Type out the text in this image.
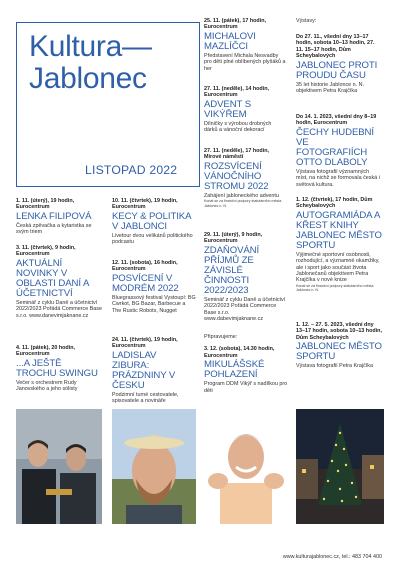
Kultura—
Jablonec
LISTOPAD 2022
1. 11. (úterý), 19 hodin, Eurocentrum
LENKA FILIPOVÁ
Česká zpěvačka a kytaristka se svým triem
3. 11. (čtvrtek), 9 hodin, Eurocentrum
AKTUÁLNÍ NOVINKY V OBLASTI DANÍ A ÚČETNICTVÍ
Seminář z cyklu Daně a účetnictví 2022/2023 Pořádá Commerce Base s.r.o. www.danevimjaknane.cz
4. 11. (pátek), 20 hodin, Eurocentrum
...A JEŠTĚ TROCHU SWINGU
Večer s orchestrem Rudy Janovského a jeho sólisty
10. 11. (čtvrtek), 19 hodin, Eurocentrum
KECY & POLITIKA V JABLONCI
Livetour dvou velikánů politického podcastu
12. 11. (sobota), 16 hodin, Eurocentrum
POSVÍCENÍ V MODRÉM 2022
Bluegrassový festival Vystoupí: BG Cwrkot, BG Bazar, Barbecue a The Rustic Robots, Nugget
24. 11. (čtvrtek), 19 hodin, Eurocentrum
LADISLAV ZIBURA: PRÁZDNINY V ČESKU
Podzimní turné cestovatele, spisovatele a novináře
25. 11. (pátek), 17 hodin, Eurocentrum
MICHALOVI MAZLÍČCI
Představení Michala Nesvadby pro děti plné oblíbených plyšáků a her
27. 11. (neděle), 14 hodin, Eurocentrum
ADVENT S VIKÝŘEM
Dílničky s výrobou drobných dárků a vánoční dekorací
27. 11. (neděle), 17 hodin, Mírové náměstí
ROZSVÍCENÍ VÁNOČNÍHO STROMU 2022
Zahájení jabloneckého adventu
Konat se za finanční podpory statutárního města Jablonec n. N.
29. 11. (úterý), 9 hodin, Eurocentrum
ZDAŇOVÁNÍ PŘÍJMŮ ZE ZÁVISLÉ ČINNOSTI 2022/2023
Seminář z cyklu Daně a účetnictví 2022/2023 Pořádá Commerce Base s.r.o. www.dabevimjaknane.cz
Připravujeme:
3. 12. (sobota), 14.30 hodin, Eurocentrum
MIKULÁŠSKÉ POHLAZENÍ
Program DDM Vikýř s nadílkou pro děti
Výstavy:
Do 27. 11., všední dny 13–17 hodin, sobota 10–13 hodin, 27. 11. 15–17 hodin, Dům Scheybalových
JABLONEC PROTI PROUDU ČASU
35 let historie Jablonce n. N. objektivem Petra Krajčíka
Do 14. 1. 2023, všední dny 8–19 hodin, Eurocentrum
ČECHY HUDEBNÍ VE FOTOGRAFIÍCH OTTO DLABOLY
Výstava fotografií významných míst, na nichž se formovala česká i světová kultura.
1. 12. (čtvrtek), 17 hodin, Dům Scheybalových
AUTOGRAMIÁDA A KŘEST KNIHY JABLONEC MĚSTO SPORTU
Výjimečné sportovní osobnosti, rozhodující, a významné okamžiky, ale i sport jako součást života Jablonečanů objektivem Petra Krajčíka v nové knize
Konat se za finanční podpory statutárního města Jablonec n. N.
1. 12. – 27. 5. 2023, všední dny 13–17 hodin, sobota 10–13 hodin, Dům Scheybalových
JABLONEC MĚSTO SPORTU
Výstava fotografií Petra Krajčíka
www.kulturajablonec.cz, tel.: 483 704 400
